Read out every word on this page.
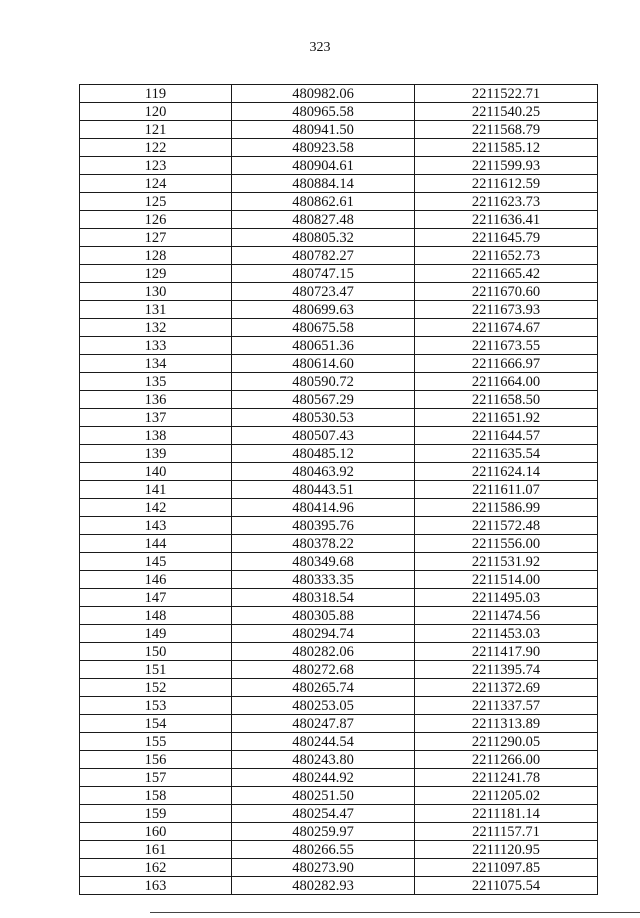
323
119	480982.06	2211522.71
120	480965.58	2211540.25
121	480941.50	2211568.79
122	480923.58	2211585.12
123	480904.61	2211599.93
124	480884.14	2211612.59
125	480862.61	2211623.73
126	480827.48	2211636.41
127	480805.32	2211645.79
128	480782.27	2211652.73
129	480747.15	2211665.42
130	480723.47	2211670.60
131	480699.63	2211673.93
132	480675.58	2211674.67
133	480651.36	2211673.55
134	480614.60	2211666.97
135	480590.72	2211664.00
136	480567.29	2211658.50
137	480530.53	2211651.92
138	480507.43	2211644.57
139	480485.12	2211635.54
140	480463.92	2211624.14
141	480443.51	2211611.07
142	480414.96	2211586.99
143	480395.76	2211572.48
144	480378.22	2211556.00
145	480349.68	2211531.92
146	480333.35	2211514.00
147	480318.54	2211495.03
148	480305.88	2211474.56
149	480294.74	2211453.03
150	480282.06	2211417.90
151	480272.68	2211395.74
152	480265.74	2211372.69
153	480253.05	2211337.57
154	480247.87	2211313.89
155	480244.54	2211290.05
156	480243.80	2211266.00
157	480244.92	2211241.78
158	480251.50	2211205.02
159	480254.47	2211181.14
160	480259.97	2211157.71
161	480266.55	2211120.95
162	480273.90	2211097.85
163	480282.93	2211075.54
